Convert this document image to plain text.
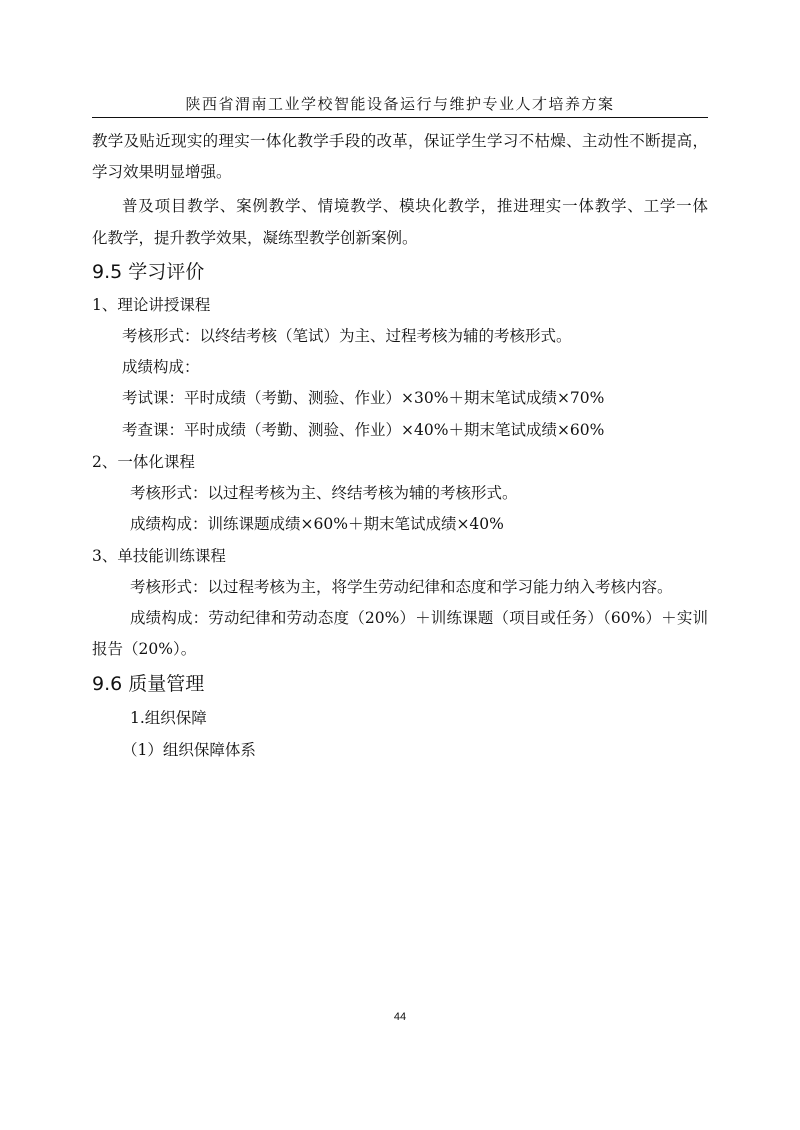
陕西省渭南工业学校智能设备运行与维护专业人才培养方案
教学及贴近现实的理实一体化教学手段的改革，保证学生学习不枯燥、主动性不断提高，
学习效果明显增强。
普及项目教学、案例教学、情境教学、模块化教学，推进理实一体教学、工学一体
化教学，提升教学效果，凝练型教学创新案例。
9.5 学习评价
1、理论讲授课程
考核形式：以终结考核（笔试）为主、过程考核为辅的考核形式。
成绩构成：
考试课：平时成绩（考勤、测验、作业）×30%＋期末笔试成绩×70%
考查课：平时成绩（考勤、测验、作业）×40%＋期末笔试成绩×60%
2、一体化课程
考核形式：以过程考核为主、终结考核为辅的考核形式。
成绩构成：训练课题成绩×60%＋期末笔试成绩×40%
3、单技能训练课程
考核形式：以过程考核为主，将学生劳动纪律和态度和学习能力纳入考核内容。
成绩构成：劳动纪律和劳动态度（20%）＋训练课题（项目或任务）（60%）＋实训
报告（20%）。
9.6 质量管理
1.组织保障
（1）组织保障体系
44
